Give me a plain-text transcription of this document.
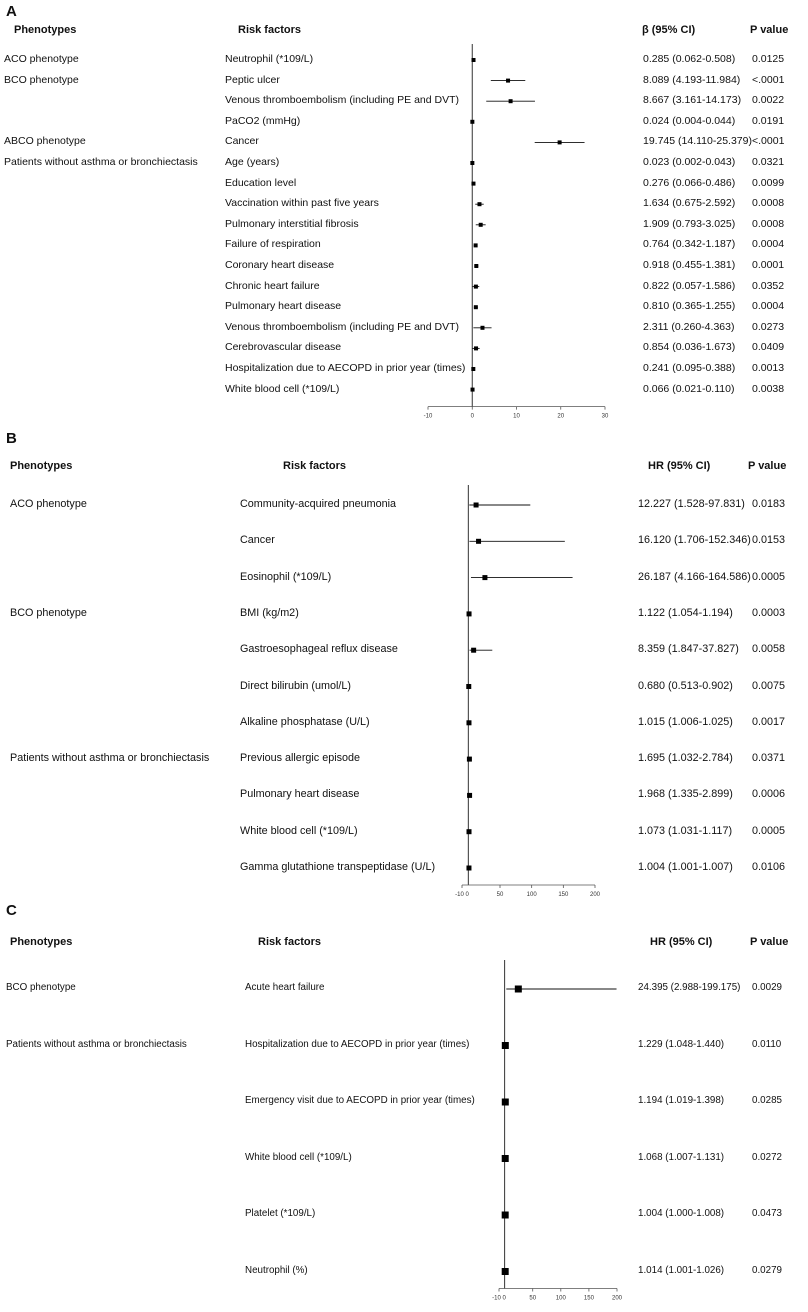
A
Phenotypes	Risk factors	β (95% CI)	P value
ACO phenotype	Neutrophil (*109/L)	0.285 (0.062-0.508) 0.0125
BCO phenotype	Peptic ulcer	8.089 (4.193-11.984) <.0001
Venous thromboembolism (including PE and DVT)	8.667 (3.161-14.173) 0.0022
PaCO2 (mmHg)	0.024 (0.004-0.044) 0.0191
ABCO phenotype	Cancer	19.745 (14.110-25.379) <.0001
Patients without asthma or bronchiectasis	Age (years)	0.023 (0.002-0.043) 0.0321
Education level	0.276 (0.066-0.486) 0.0099
Vaccination within past five years	1.634 (0.675-2.592) 0.0008
Pulmonary interstitial fibrosis	1.909 (0.793-3.025) 0.0008
Failure of respiration	0.764 (0.342-1.187) 0.0004
Coronary heart disease	0.918 (0.455-1.381) 0.0001
Chronic heart failure	0.822 (0.057-1.586) 0.0352
Pulmonary heart disease	0.810 (0.365-1.255) 0.0004
Venous thromboembolism (including PE and DVT)	2.311 (0.260-4.363) 0.0273
Cerebrovascular disease	0.854 (0.036-1.673) 0.0409
Hospitalization due to AECOPD in prior year (times)	0.241 (0.095-0.388) 0.0013
White blood cell (*109/L)	0.066 (0.021-0.110) 0.0038
-10	0	10	20	30
B
Phenotypes	Risk factors	HR (95% CI)	P value
ACO phenotype	Community-acquired pneumonia	12.227 (1.528-97.831) 0.0183
Cancer	16.120 (1.706-152.346) 0.0153
Eosinophil (*109/L)	26.187 (4.166-164.586) 0.0005
BCO phenotype	BMI (kg/m2)	1.122 (1.054-1.194) 0.0003
Gastroesophageal reflux disease	8.359 (1.847-37.827) 0.0058
Direct bilirubin (umol/L)	0.680 (0.513-0.902) 0.0075
Alkaline phosphatase (U/L)	1.015 (1.006-1.025) 0.0017
Patients without asthma or bronchiectasis	Previous allergic episode	1.695 (1.032-2.784) 0.0371
Pulmonary heart disease	1.968 (1.335-2.899) 0.0006
White blood cell (*109/L)	1.073 (1.031-1.117) 0.0005
Gamma glutathione transpeptidase (U/L)	1.004 (1.001-1.007) 0.0106
-10 0	50	100	150	200
C
Phenotypes	Risk factors	HR (95% CI)	P value
BCO phenotype	Acute heart failure	24.395 (2.988-199.175) 0.0029
Patients without asthma or bronchiectasis	Hospitalization due to AECOPD in prior year (times)	1.229 (1.048-1.440)	0.0110
Emergency visit due to AECOPD in prior year (times)	1.194 (1.019-1.398)	0.0285
White blood cell (*109/L)	1.068 (1.007-1.131)	0.0272
Platelet (*109/L)	1.004 (1.000-1.008)	0.0473
Neutrophil (%)	1.014 (1.001-1.026)	0.0279
-10 0	50	100	150	200
